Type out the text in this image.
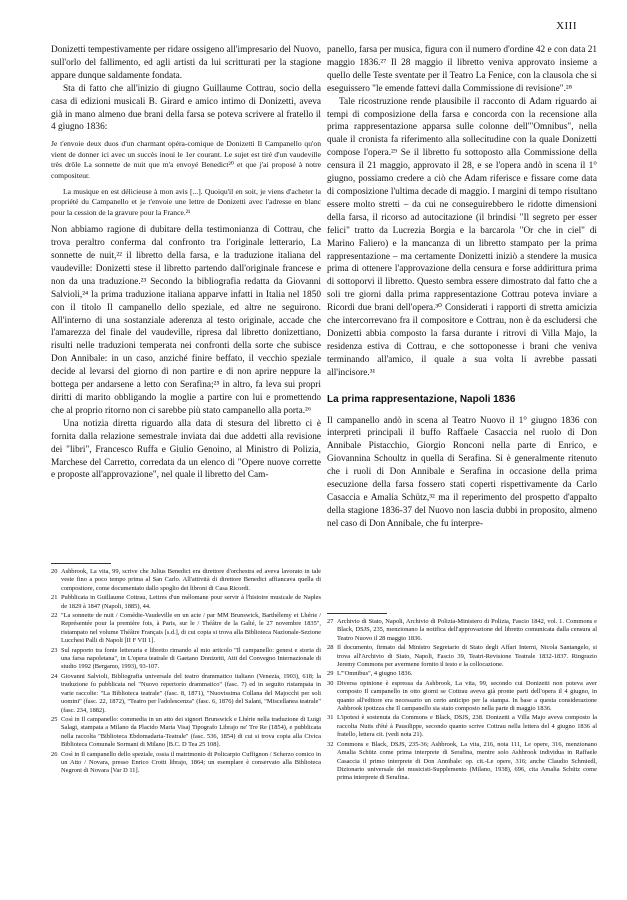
XIII

Donizetti tempestivamente per ridare ossigeno all'impresario del Nuovo, sull'orlo del fallimento, ed agli artisti da lui scritturati per la stagione appare dunque saldamente fondata.

Sta di fatto che all'inizio di giugno Guillaume Cottrau, socio della casa di edizioni musicali B. Girard e amico intimo di Donizetti, aveva già in mano almeno due brani della farsa se poteva scrivere al fratello il 4 giugno 1836:

Je t'envoie deux duos d'un charmant opéra-comique de Donizetti Il Campanello qu'on vient de donner ici avec un succès inoui le 1er courant. Le sujet est tiré d'un vaudeville très drôle La sonnette de nuit que m'a envoyé Benedict²⁰ et que j'ai proposé à notre compositeur.

La musique en est délicieuse à mon avis [...]. Quoiqu'il en soit, je viens d'acheter la propriété du Campanello et je t'envoie une lettre de Donizetti avec l'adresse en blanc pour la cession de la gravure pour la France.²¹

Non abbiamo ragione di dubitare della testimonianza di Cottrau, che trova peraltro conferma dal confronto tra l'originale letterario, La sonnette de nuit,²² il libretto della farsa, e la traduzione italiana del vaudeville: Donizetti stese il libretto partendo dall'originale francese e non da una traduzione.²³ Secondo la bibliografia redatta da Giovanni Salvioli,²⁴ la prima traduzione italiana apparve infatti in Italia nel 1850 con il titolo Il campanello dello speziale, ed altre ne seguirono. All'interno di una sostanziale aderenza al testo originale, accade che l'amarezza del finale del vaudeville, ripresa dal libretto donizettiano, risulti nelle traduzioni temperata nei confronti della sorte che subisce Don Annibale: in un caso, anziché finire beffato, il vecchio speziale decide al levarsi del giorno di non partire e di non aprire neppure la bottega per andarsene a letto con Serafina;²⁵ in altro, fa leva sui propri diritti di marito obbligando la moglie a partire con lui e promettendo che al proprio ritorno non ci sarebbe più stato campanello alla porta.²⁶

Una notizia diretta riguardo alla data di stesura del libretto ci è fornita dalla relazione semestrale inviata dai due addetti alla revisione dei "libri", Francesco Ruffa e Giulio Genoino, al Ministro di Polizia, Marchese del Carretto, corredata da un elenco di "Opere nuove corrette e proposte all'approvazione", nel quale il libretto del Cam-

panello, farsa per musica, figura con il numero d'ordine 42 e con data 21 maggio 1836.²⁷ Il 28 maggio il libretto veniva approvato insieme a quello delle Teste sventate per il Teatro La Fenice, con la clausola che si eseguissero "le emende fattevi dalla Commissione di revisione".²⁸

Tale ricostruzione rende plausibile il racconto di Adam riguardo ai tempi di composizione della farsa e concorda con la recensione alla prima rappresentazione apparsa sulle colonne dell'"Omnibus", nella quale il cronista fa riferimento alla sollecitudine con la quale Donizetti compose l'opera.²⁹ Se il libretto fu sottoposto alla Commissione della censura il 21 maggio, approvato il 28, e se l'opera andò in scena il 1° giugno, possiamo credere a ciò che Adam riferisce e fissare come data di composizione l'ultima decade di maggio. I margini di tempo risultano essere molto stretti – da cui ne conseguirebbero le ridotte dimensioni della farsa, il ricorso ad autocitazione (il brindisi "Il segreto per esser felici" tratto da Lucrezia Borgia e la barcarola "Or che in ciel" di Marino Faliero) e la mancanza di un libretto stampato per la prima rappresentazione – ma certamente Donizetti iniziò a stendere la musica prima di ottenere l'approvazione della censura e forse addirittura prima di sottoporvi il libretto. Questo sembra essere dimostrato dal fatto che a soli tre giorni dalla prima rappresentazione Cottrau poteva inviare a Ricordi due brani dell'opera.³⁰ Considerati i rapporti di stretta amicizia che intercorrevano fra il compositore e Cottrau, non è da escludersi che Donizetti abbia composto la farsa durante i ritrovi di Villa Majo, la residenza estiva di Cottrau, e che sottoponesse i brani che veniva terminando all'amico, il quale a sua volta li avrebbe passati all'incisore.³¹

La prima rappresentazione, Napoli 1836

Il campanello andò in scena al Teatro Nuovo il 1° giugno 1836 con interpreti principali il buffo Raffaele Casaccia nel ruolo di Don Annibale Pistacchio, Giorgio Ronconi nella parte di Enrico, e Giovannina Schoultz in quella di Serafina. Si è generalmente ritenuto che i ruoli di Don Annibale e Serafina in occasione della prima esecuzione della farsa fossero stati coperti rispettivamente da Carlo Casaccia e Amalia Schütz,³² ma il reperimento del prospetto d'appalto della stagione 1836-37 del Nuovo non lascia dubbi in proposito, almeno nel caso di Don Annibale, che fu interpre-

20 Ashbrook, La vita, 99, scrive che Julius Benedict era direttore d'orchestra ed aveva lavorato in tale veste fino a poco tempo prima al San Carlo. All'attività di direttore Benedict affiancava quella di compositore, come documentato dallo spoglio dei libroni di Casa Ricordi.

21 Pubblicata in Guillaume Cottrau, Lettres d'un mélomane pour servir à l'histoire musicale de Naples de 1829 à 1847 (Napoli, 1885), 44.

22 "La sonnette de nuit / Comédie-Vaudeville en un acte / par MM Brunswick, Barthélemy et Lhérie / Représentée pour la première fois, à Paris, sur le / Théâtre de la Gaîté, le 27 novembre 1835", ristampato nel volume Théâtre Français [s.d.], di cui copia si trova alla Biblioteca Nazionale-Sezione Lucchesi Palli di Napoli [II F VII 1].

23 Sul rapporto tra fonte letteraria e libretto rimando al mio articolo "Il campanello: genesi e storia di una farsa napoletana", in L'opera teatrale di Gaetano Donizetti, Atti del Convegno Internazionale di studio 1992 (Bergamo, 1993), 93-107.

24 Giovanni Salvioli, Bibliografia universale del teatro drammatico italiano (Venezia, 1903), 618; la traduzione fu pubblicata nel "Nuovo repertorio drammatico" (fasc. 7) ed in seguito ristampata in varie raccolte: "La Biblioteca teatrale" (fasc. 8, 1871), "Nuovissima Collana del Majocchi per soli uomini" (fasc. 22, 1872), "Teatro per l'adolescenza" (fasc. 6, 1876) del Salani, "Miscellanea teatrale" (fasc. 234, 1882).

25 Così in Il campanello: commedia in un atto dei signori Brunswick e Lhérie nella traduzione di Luigi Salagi, stampata a Milano da Placido Maria Visaj Tipografo Librajo ne' Tre Re (1854), e pubblicata nella raccolta "Biblioteca Ebdomadaria-Teatrale" (fasc. 536, 1854) di cui si trova copia alla Civica Biblioteca Comunale Sormani di Milano [B.C. D Tea 25 108].

26 Così in Il campanello dello speziale, ossia il matrimonio di Policarpio Cuffignon / Scherzo comico in un Atto / Novara, presso Enrico Crotti librajo, 1864; un esemplare è conservato alla Biblioteca Negroni di Novara [Var D 11].

27 Archivio di Stato, Napoli, Archivio di Polizia-Ministero di Polizia, Fascio 1842, vol. 1. Commons e Black, DSJS, 235, menzionano la notifica dell'approvazione del libretto comunicata dalla censura al Teatro Nuovo il 28 maggio 1836.

28 Il documento, firmato dal Ministro Segretario di Stato degli Affari Interni, Nicola Santangelo, si trova all'Archivio di Stato, Napoli, Fascio 39, Teatri-Revisione Teatrale 1832-1837. Ringrazio Jeremy Commons per avermene fornito il testo e la collocazione.

29 L'"Omnibus", 4 giugno 1836.

30 Diversa opinione è espressa da Ashbrook, La vita, 99, secondo cui Donizetti non poteva aver composto Il campanello in otto giorni se Cottrau aveva già pronte parti dell'opera il 4 giugno, in quanto all'editore era necessario un certo anticipo per la stampa. In base a questa considerazione Ashbrook ipotizza che Il campanello sia stato composto nella parte di maggio 1836.

31 L'ipotesi è sostenuta da Commons e Black, DSJS, 238. Donizetti a Villa Majo aveva composto la raccolta Nuits d'été à Pausilippe, secondo quanto scrive Cottrau nella lettera del 4 giugno 1836 al fratello, lettera cit. (vedi nota 21).

32 Commons e Black, DSJS, 235-36; Ashbrook, La vita, 216, nota 111, Le opere, 316, menzionano Amalia Schütz come prima interprete di Serafina, mentre solo Ashbrook individua in Raffaele Casaccia il primo interprete di Don Annibale: op. cit.-Le opere, 316; anche Claudio Schmiedl, Dizionario universale dei musicisti-Supplemento (Milano, 1938), 696, cita Amalia Schütz come prima interprete di Serafina.
